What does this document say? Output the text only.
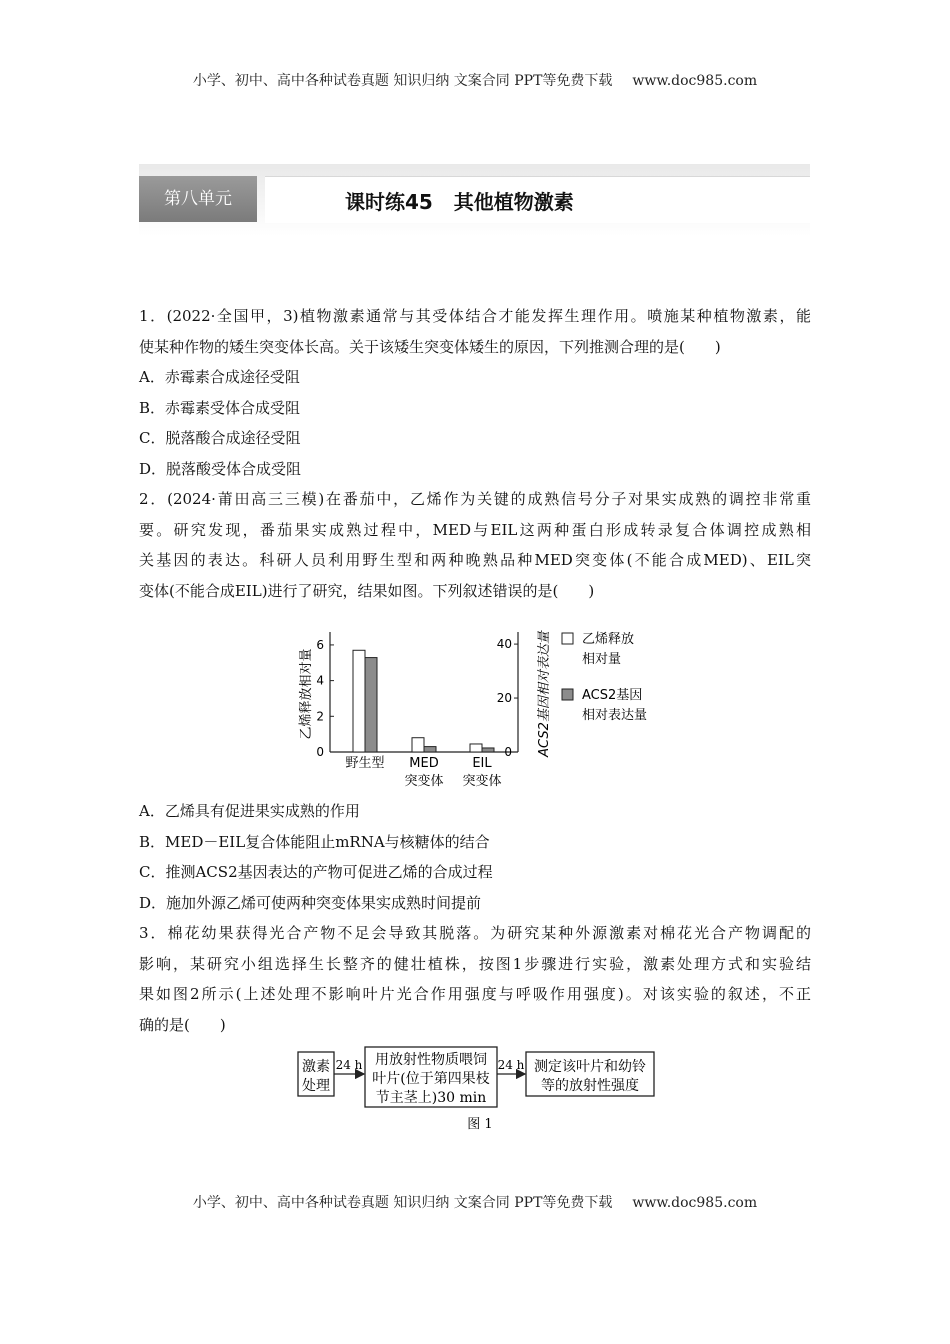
小学、初中、高中各种试卷真题 知识归纳 文案合同 PPT等免费下载 www.doc985.com
第八单元	课时练45   其他植物激素
1．(2022·全国甲，3)植物激素通常与其受体结合才能发挥生理作用。喷施某种植物激素，能
使某种作物的矮生突变体长高。关于该矮生突变体矮生的原因，下列推测合理的是(　　)
A．赤霉素合成途径受阻
B．赤霉素受体合成受阻
C．脱落酸合成途径受阻
D．脱落酸受体合成受阻
2．(2024·莆田高三三模)在番茄中，乙烯作为关键的成熟信号分子对果实成熟的调控非常重
要。研究发现，番茄果实成熟过程中，MED与EIL这两种蛋白形成转录复合体调控成熟相
关基因的表达。科研人员利用野生型和两种晚熟品种MED突变体(不能合成MED)、EIL突
变体(不能合成EIL)进行了研究，结果如图。下列叙述错误的是(　　)
0
2
4
6
0
20
40
乙烯释放相对量	ACS2基因相对表达量
野生型 MED
突变体
EIL
突变体
乙烯释放
相对量
ACS2基因
相对表达量
A．乙烯具有促进果实成熟的作用
B．MED－EIL复合体能阻止mRNA与核糖体的结合
C．推测ACS2基因表达的产物可促进乙烯的合成过程
D．施加外源乙烯可使两种突变体果实成熟时间提前
3．棉花幼果获得光合产物不足会导致其脱落。为研究某种外源激素对棉花光合产物调配的
影响，某研究小组选择生长整齐的健壮植株，按图1步骤进行实验，激素处理方式和实验结
果如图2所示(上述处理不影响叶片光合作用强度与呼吸作用强度)。对该实验的叙述，不正
确的是(　　)
激素
处理
24 h 用放射性物质喂饲
叶片(位于第四果枝
节主茎上)30 min
24 h 测定该叶片和幼铃
等的放射性强度
图 1
小学、初中、高中各种试卷真题 知识归纳 文案合同 PPT等免费下载 www.doc985.com
